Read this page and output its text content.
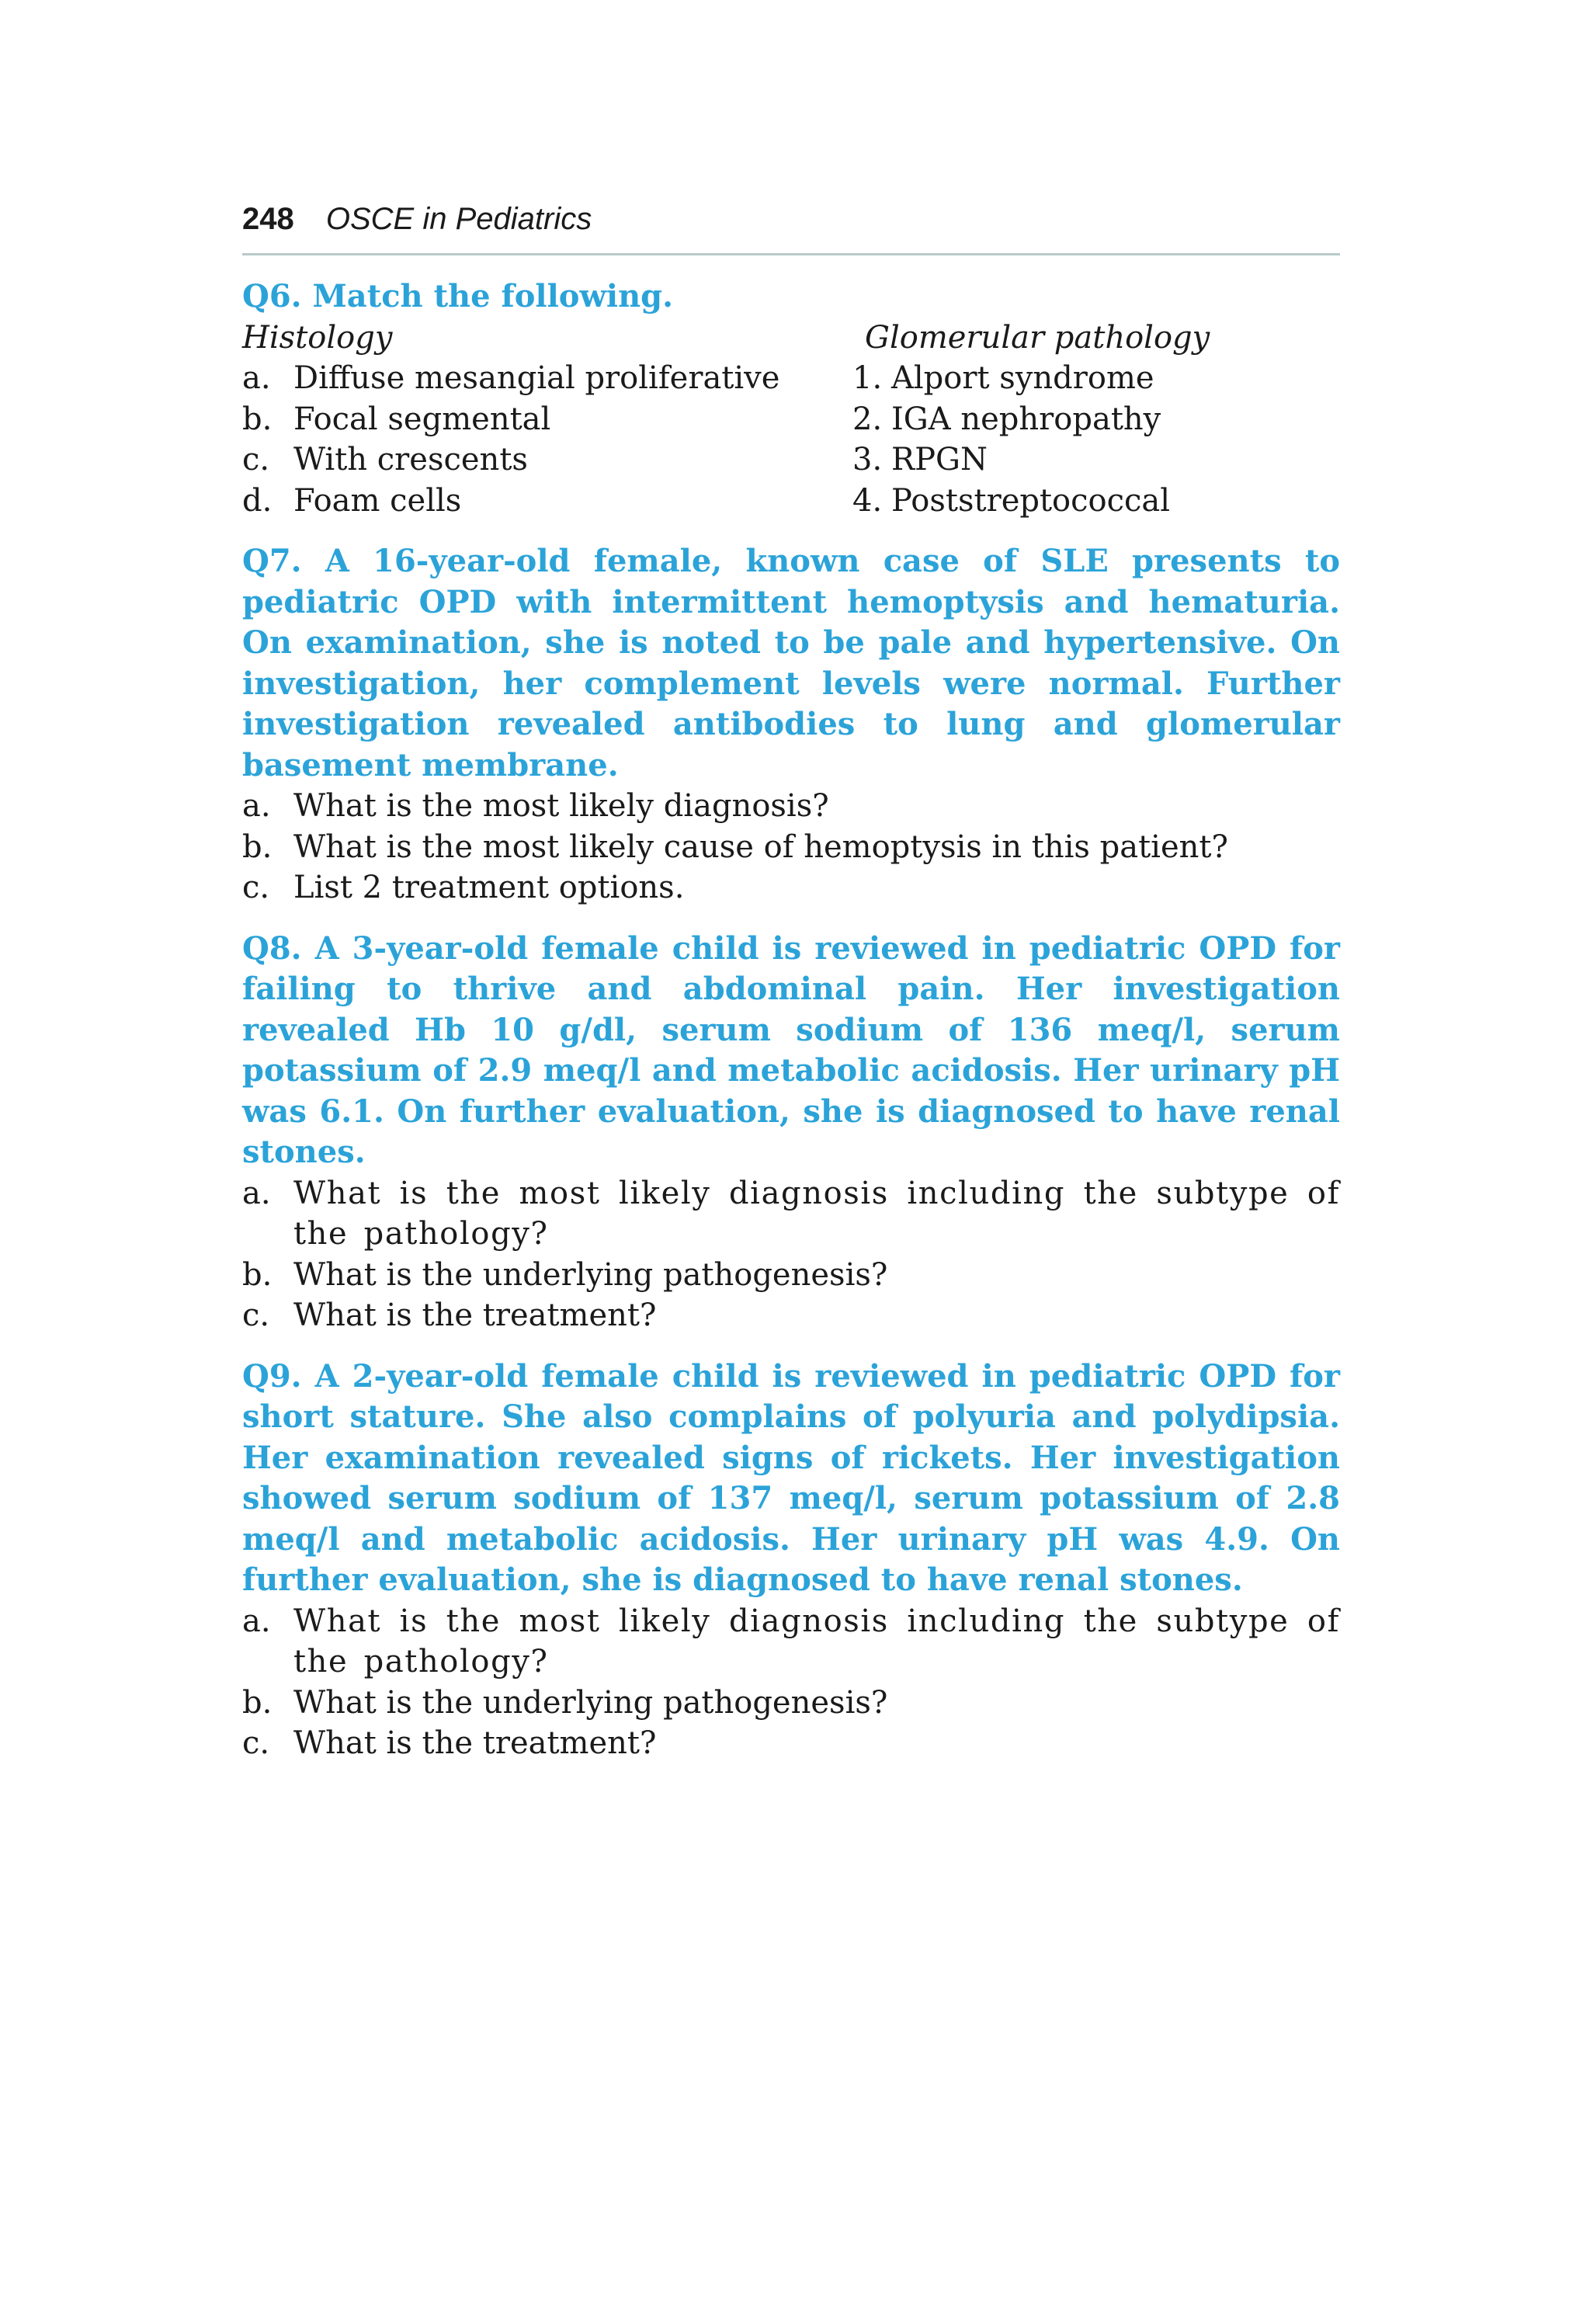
248 OSCE in Pediatrics

Q6. Match the following.

Histology

a. Diffuse mesangial proliferative
b. Focal segmental
c. With crescents
d. Foam cells

Glomerular pathology

1. Alport syndrome
2. IGA nephropathy
3. RPGN
4. Poststreptococcal

Q7. A 16-year-old female, known case of SLE presents to pediatric OPD with intermittent hemoptysis and hematuria. On examination, she is noted to be pale and hypertensive. On investigation, her complement levels were normal. Further investigation revealed antibodies to lung and glomerular basement membrane.

a. What is the most likely diagnosis?
b. What is the most likely cause of hemoptysis in this patient?
c. List 2 treatment options.

Q8. A 3-year-old female child is reviewed in pediatric OPD for failing to thrive and abdominal pain. Her investigation revealed Hb 10 g/dl, serum sodium of 136 meq/l, serum potassium of 2.9 meq/l and metabolic acidosis. Her urinary pH was 6.1. On further evaluation, she is diagnosed to have renal stones.

a. What is the most likely diagnosis including the subtype of the pathology?
b. What is the underlying pathogenesis?
c. What is the treatment?

Q9. A 2-year-old female child is reviewed in pediatric OPD for short stature. She also complains of polyuria and polydipsia. Her examination revealed signs of rickets. Her investigation showed serum sodium of 137 meq/l, serum potassium of 2.8 meq/l and metabolic acidosis. Her urinary pH was 4.9. On further evaluation, she is diagnosed to have renal stones.

a. What is the most likely diagnosis including the subtype of the pathology?
b. What is the underlying pathogenesis?
c. What is the treatment?
